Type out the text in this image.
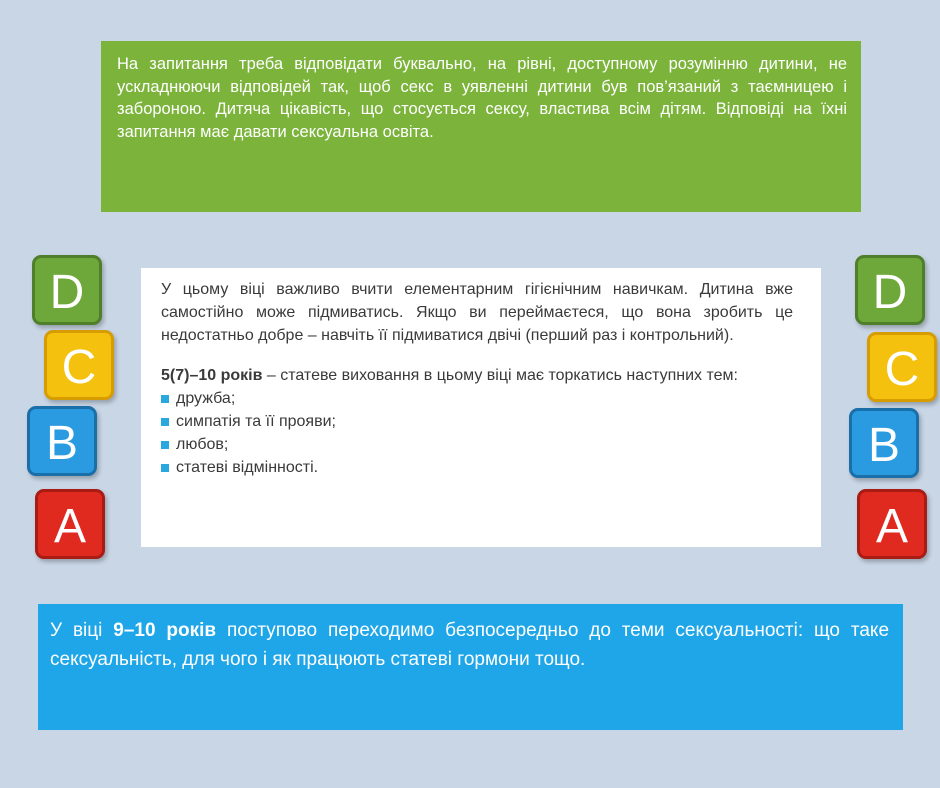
На запитання треба відповідати буквально, на рівні, доступному розумінню дитини, не ускладнюючи відповідей так, щоб секс в уявленні дитини був пов’язаний з таємницею і забороною. Дитяча цікавість, що стосується сексу, властива всім дітям. Відповіді на їхні запитання має давати сексуальна освіта.

У цьому віці важливо вчити елементарним гігієнічним навичкам. Дитина вже самостійно може підмиватись. Якщо ви переймаєтеся, що вона зробить це недостатньо добре – навчіть її підмиватися двічі (перший раз і контрольний).

5(7)–10 років – статеве виховання в цьому віці має торкатись наступних тем:

дружба;
симпатія та її прояви;
любов;
статеві відмінності.
У віці 9–10 років поступово переходимо безпосередньо до теми сексуальності: що таке сексуальність, для чого і як працюють статеві гормони тощо.
D
C
B
A
D
C
B
A
